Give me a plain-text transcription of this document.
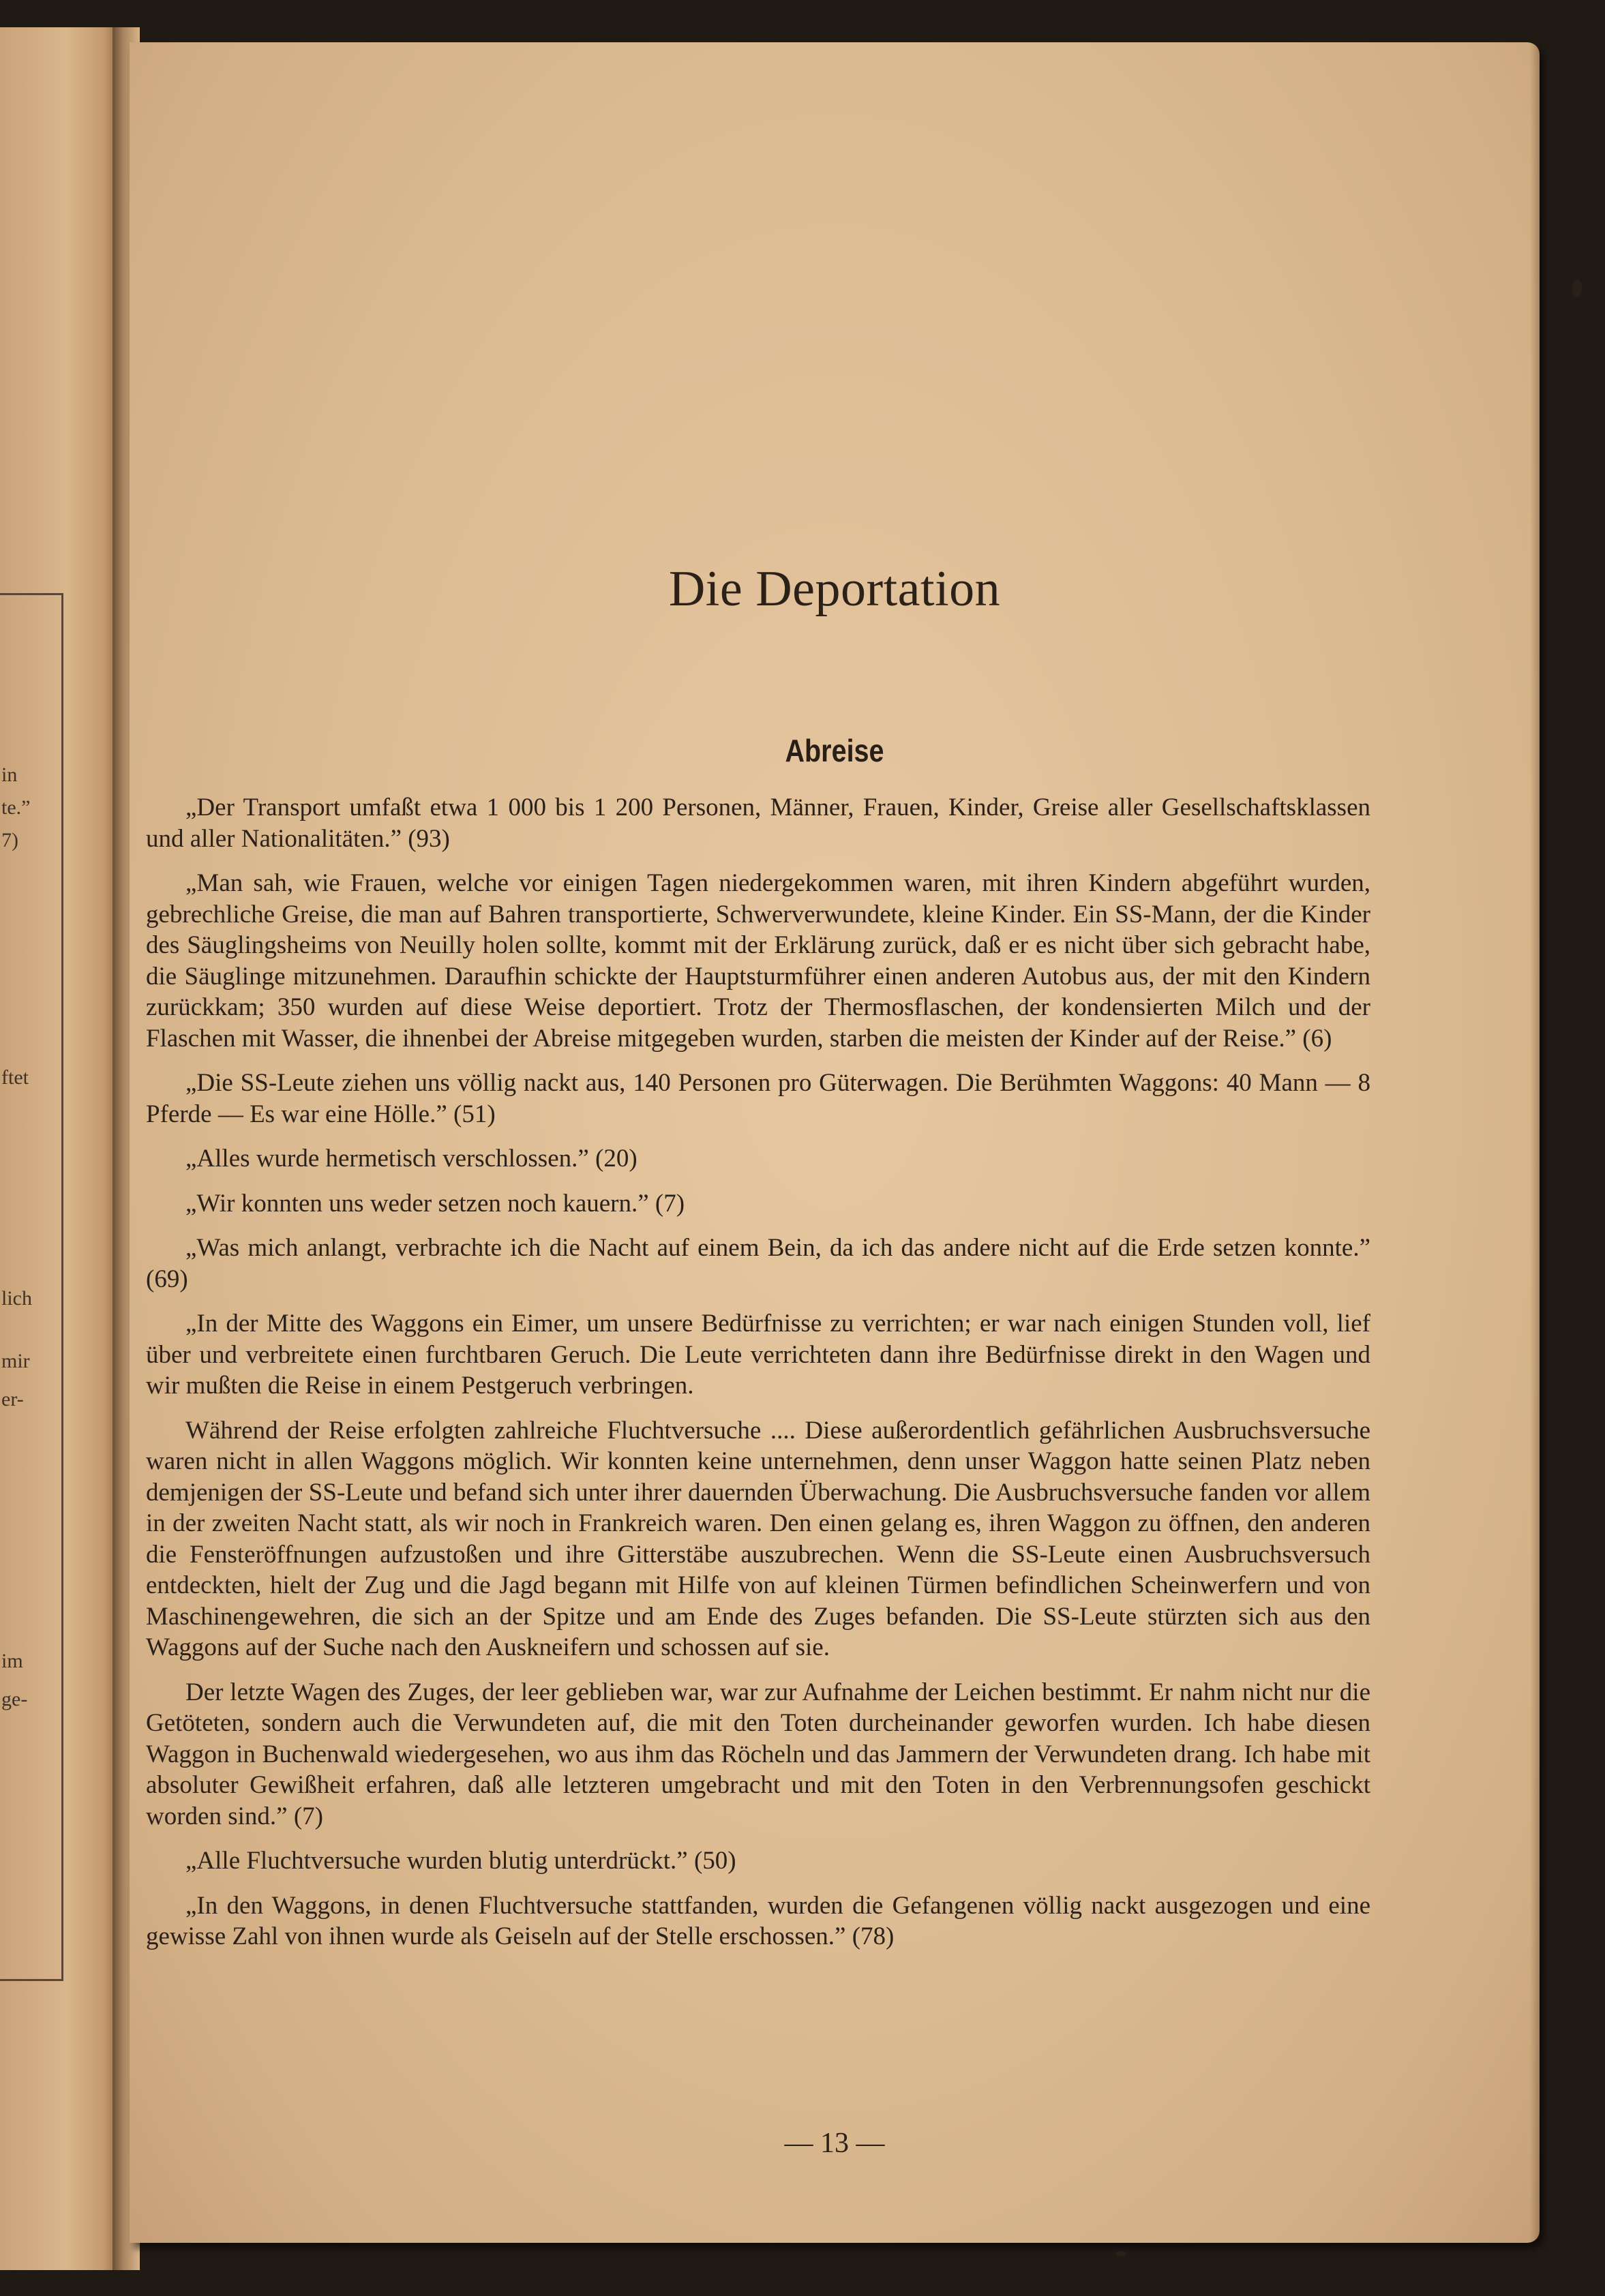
in
te.”
7)
ftet
lich
mir
er-
im
ge-
Die Deportation
Abreise

„Der Transport umfaßt etwa 1 000 bis 1 200 Personen, Männer, Frauen, Kinder, Greise aller Gesellschaftsklassen und aller Nationalitäten.” (93)

„Man sah, wie Frauen, welche vor einigen Tagen niedergekommen waren, mit ihren Kindern abgeführt wurden, gebrechliche Greise, die man auf Bahren transportierte, Schwerverwundete, kleine Kinder. Ein SS-Mann, der die Kinder des Säuglingsheims von Neuilly holen sollte, kommt mit der Erklärung zurück, daß er es nicht über sich gebracht habe, die Säuglinge mitzunehmen. Daraufhin schickte der Hauptsturmführer einen anderen Autobus aus, der mit den Kindern zurückkam; 350 wurden auf diese Weise deportiert. Trotz der Thermosflaschen, der kondensierten Milch und der Flaschen mit Wasser, die ihnenbei der Abreise mitgegeben wurden, starben die meisten der Kinder auf der Reise.” (6)

„Die SS-Leute ziehen uns völlig nackt aus, 140 Personen pro Güterwagen. Die Berühmten Waggons: 40 Mann — 8 Pferde — Es war eine Hölle.” (51)

„Alles wurde hermetisch verschlossen.” (20)

„Wir konnten uns weder setzen noch kauern.” (7)

„Was mich anlangt, verbrachte ich die Nacht auf einem Bein, da ich das andere nicht auf die Erde setzen konnte.” (69)

„In der Mitte des Waggons ein Eimer, um unsere Bedürfnisse zu verrichten; er war nach einigen Stunden voll, lief über und verbreitete einen furchtbaren Geruch. Die Leute verrichteten dann ihre Bedürfnisse direkt in den Wagen und wir mußten die Reise in einem Pestgeruch verbringen.

Während der Reise erfolgten zahlreiche Fluchtversuche .... Diese außerordentlich gefährlichen Ausbruchsversuche waren nicht in allen Waggons möglich. Wir konnten keine unternehmen, denn unser Waggon hatte seinen Platz neben demjenigen der SS-Leute und befand sich unter ihrer dauernden Überwachung. Die Ausbruchsversuche fanden vor allem in der zweiten Nacht statt, als wir noch in Frankreich waren. Den einen gelang es, ihren Waggon zu öffnen, den anderen die Fensteröffnungen aufzustoßen und ihre Gitterstäbe auszubrechen. Wenn die SS-Leute einen Ausbruchsversuch entdeckten, hielt der Zug und die Jagd begann mit Hilfe von auf kleinen Türmen befindlichen Scheinwerfern und von Maschinengewehren, die sich an der Spitze und am Ende des Zuges befanden. Die SS-Leute stürzten sich aus den Waggons auf der Suche nach den Auskneifern und schossen auf sie.

Der letzte Wagen des Zuges, der leer geblieben war, war zur Aufnahme der Leichen bestimmt. Er nahm nicht nur die Getöteten, sondern auch die Verwundeten auf, die mit den Toten durcheinander geworfen wurden. Ich habe diesen Waggon in Buchenwald wiedergesehen, wo aus ihm das Röcheln und das Jammern der Verwundeten drang. Ich habe mit absoluter Gewißheit erfahren, daß alle letzteren umgebracht und mit den Toten in den Verbrennungsofen geschickt worden sind.” (7)

„Alle Fluchtversuche wurden blutig unterdrückt.” (50)

„In den Waggons, in denen Fluchtversuche stattfanden, wurden die Gefangenen völlig nackt ausgezogen und eine gewisse Zahl von ihnen wurde als Geiseln auf der Stelle erschossen.” (78)

— 13 —
